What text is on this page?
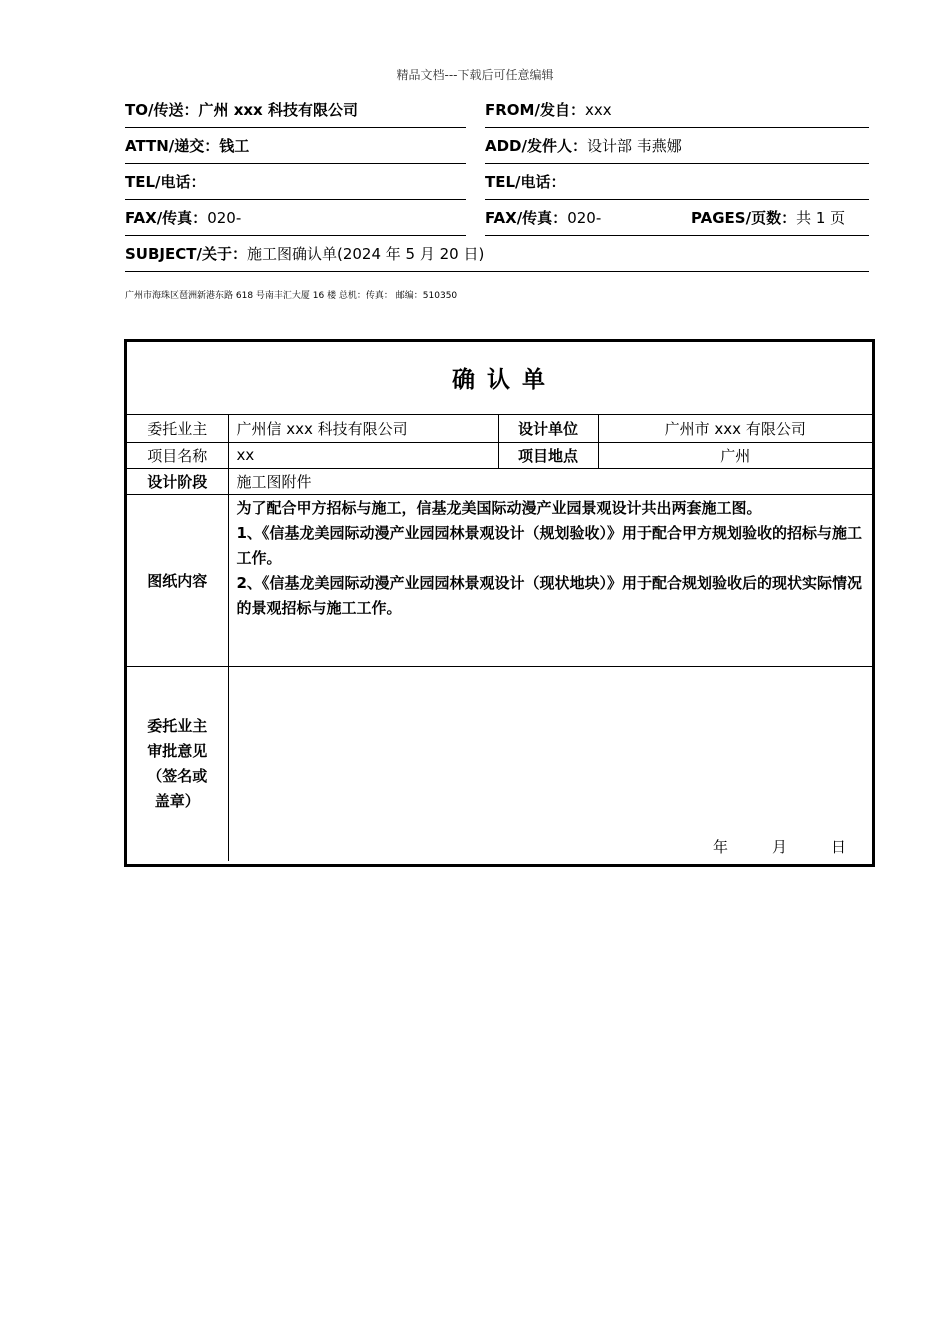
精品文档---下载后可任意编辑
TO/传送：广州 xxx 科技有限公司	FROM/发自：xxx
ATTN/递交：钱工	ADD/发件人：设计部 韦燕娜
TEL/电话：	TEL/电话：
FAX/传真：020-	FAX/传真：020-	PAGES/页数：共 1 页
SUBJECT/关于：施工图确认单(2024 年 5 月 20 日)
广州市海珠区琶洲新港东路 618 号南丰汇大厦 16 楼 总机：传真： 邮编：510350
确 认 单
委托业主	广州信 xxx 科技有限公司	设计单位	广州市 xxx 有限公司
项目名称	xx	项目地点	广州
设计阶段	施工图附件		
图纸内容	为了配合甲方招标与施工，信基龙美国际动漫产业园景观设计共出两套施工图。

1、《信基龙美园际动漫产业园园林景观设计（规划验收）》用于配合甲方规划验收的招标与施工工作。

2、《信基龙美园际动漫产业园园林景观设计（现状地块）》用于配合规划验收后的现状实际情况的景观招标与施工工作。		

委托业主
审批意见
（签名或
盖章）	年 月 日		
